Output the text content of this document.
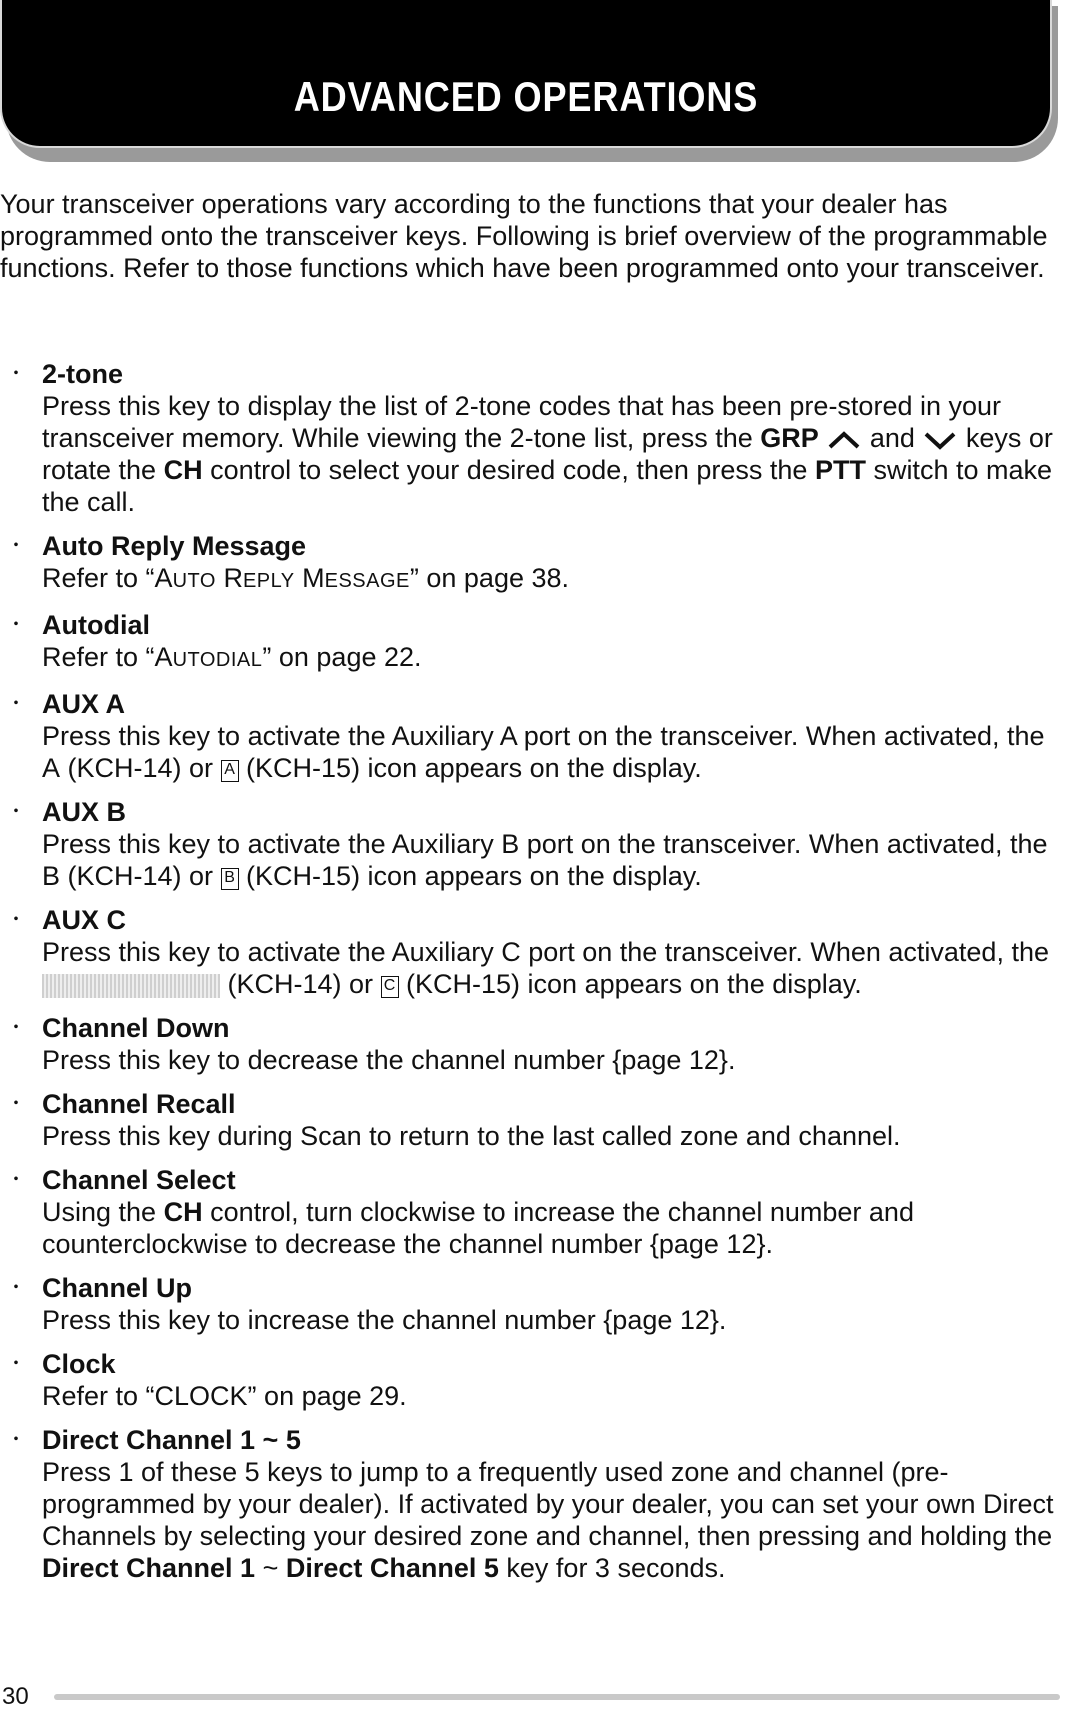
ADVANCED OPERATIONS
Your transceiver operations vary according to the functions that your dealer has programmed onto the transceiver keys. Following is brief overview of the programmable functions. Refer to those functions which have been programmed onto your transceiver.
・ 2-tone
Press this key to display the list of 2-tone codes that has been pre-stored in your transceiver memory. While viewing the 2-tone list, press the GRP  and  keys or rotate the CH control to select your desired code, then press the PTT switch to make the call.
・ Auto Reply Message
Refer to “AUTO REPLY MESSAGE” on page 38.
・ Autodial
Refer to “AUTODIAL” on page 22.
・ AUX A
Press this key to activate the Auxiliary A port on the transceiver. When activated, the A (KCH-14) or A (KCH-15) icon appears on the display.
・ AUX B
Press this key to activate the Auxiliary B port on the transceiver. When activated, the B (KCH-14) or B (KCH-15) icon appears on the display.
・ AUX C
Press this key to activate the Auxiliary C port on the transceiver. When activated, the  (KCH-14) or C (KCH-15) icon appears on the display.
・ Channel Down
Press this key to decrease the channel number {page 12}.
・ Channel Recall
Press this key during Scan to return to the last called zone and channel.
・ Channel Select
Using the CH control, turn clockwise to increase the channel number and counterclockwise to decrease the channel number {page 12}.
・ Channel Up
Press this key to increase the channel number {page 12}.
・ Clock
Refer to “CLOCK” on page 29.
・ Direct Channel 1 ~ 5
Press 1 of these 5 keys to jump to a frequently used zone and channel (pre-programmed by your dealer). If activated by your dealer, you can set your own Direct Channels by selecting your desired zone and channel, then pressing and holding the Direct Channel 1 ~ Direct Channel 5 key for 3 seconds.
30
